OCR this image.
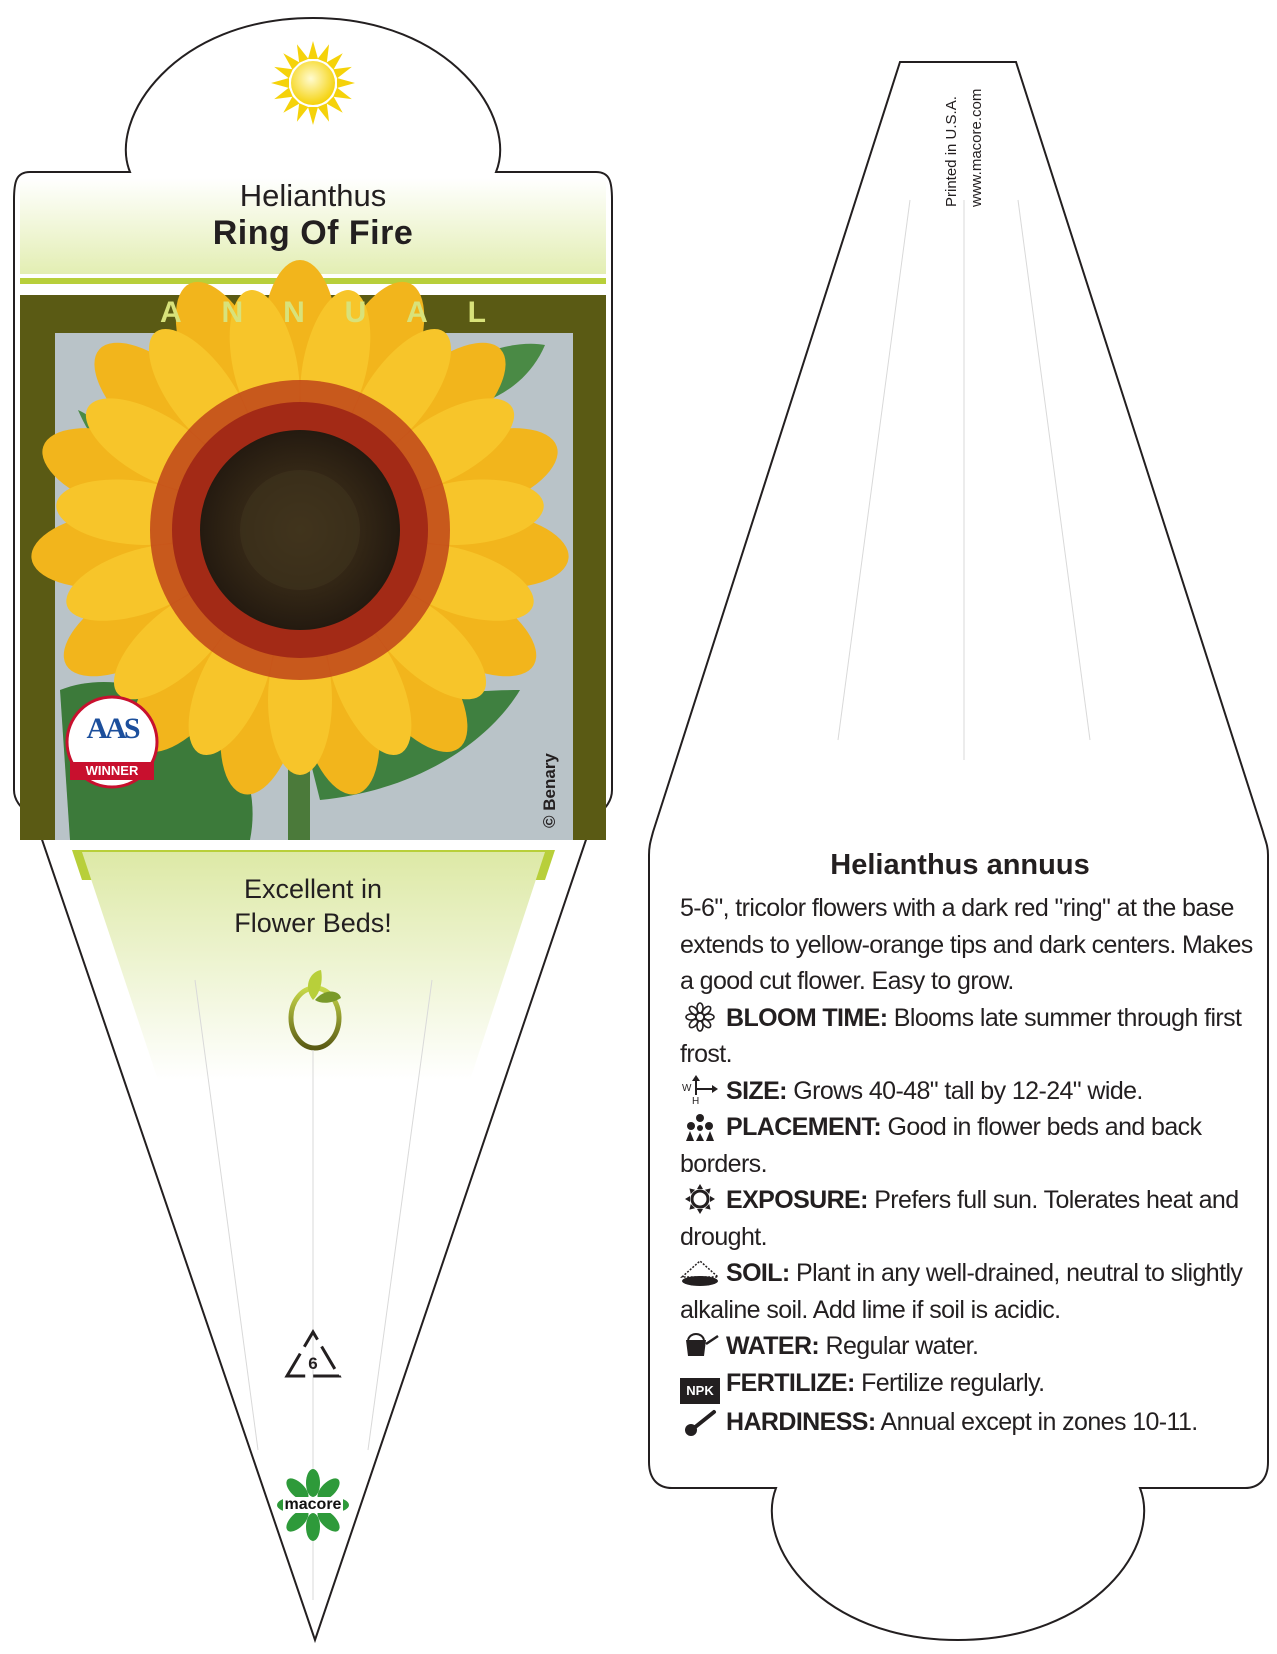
Helianthus
Ring Of Fire
A N N U A L
AAS
WINNER	© Benary
Excellent in
Flower Beds!
6
macore
Printed in U.S.A. www.macore.com
Helianthus annuus

5-6", tricolor flowers with a dark red "ring" at the base extends to yellow-orange tips and dark centers. Makes a good cut flower. Easy to grow.

BLOOM TIME: Blooms late summer through first frost.

W
H SIZE: Grows 40-48" tall by 12-24" wide.

PLACEMENT: Good in flower beds and back borders.

EXPOSURE: Prefers full sun. Tolerates heat and drought.

SOIL: Plant in any well-drained, neutral to slightly alkaline soil. Add lime if soil is acidic.

WATER: Regular water.

NPK FERTILIZE: Fertilize regularly.

HARDINESS: Annual except in zones 10-11.
